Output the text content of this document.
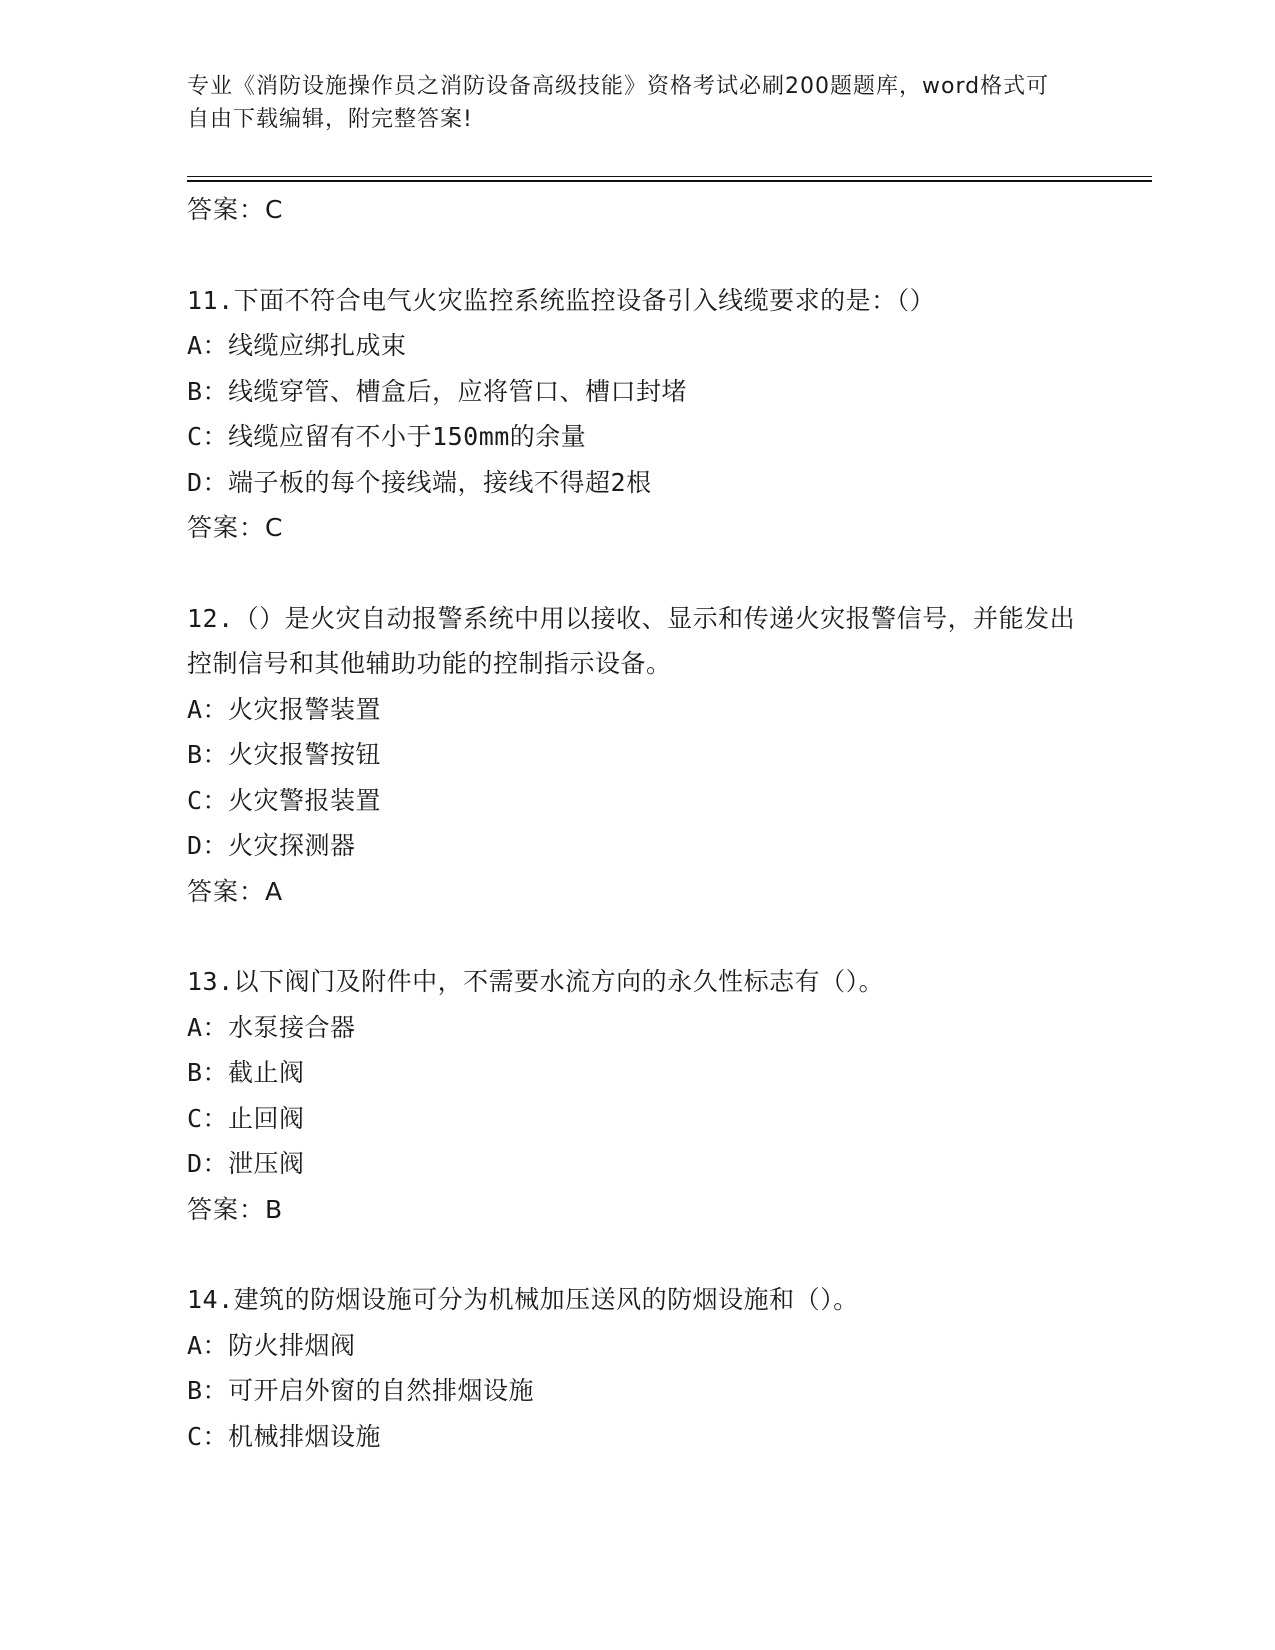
专业《消防设施操作员之消防设备高级技能》资格考试必刷200题题库，word格式可自由下载编辑，附完整答案!
答案：C
11.下面不符合电气火灾监控系统监控设备引入线缆要求的是：（）
A：线缆应绑扎成束
B：线缆穿管、槽盒后，应将管口、槽口封堵
C：线缆应留有不小于150mm的余量
D：端子板的每个接线端，接线不得超2根
答案：C
12.（）是火灾自动报警系统中用以接收、显示和传递火灾报警信号，并能发出控制信号和其他辅助功能的控制指示设备。
A：火灾报警装置
B：火灾报警按钮
C：火灾警报装置
D：火灾探测器
答案：A
13.以下阀门及附件中，不需要水流方向的永久性标志有（）。
A：水泵接合器
B：截止阀
C：止回阀
D：泄压阀
答案：B
14.建筑的防烟设施可分为机械加压送风的防烟设施和（）。
A：防火排烟阀
B：可开启外窗的自然排烟设施
C：机械排烟设施
